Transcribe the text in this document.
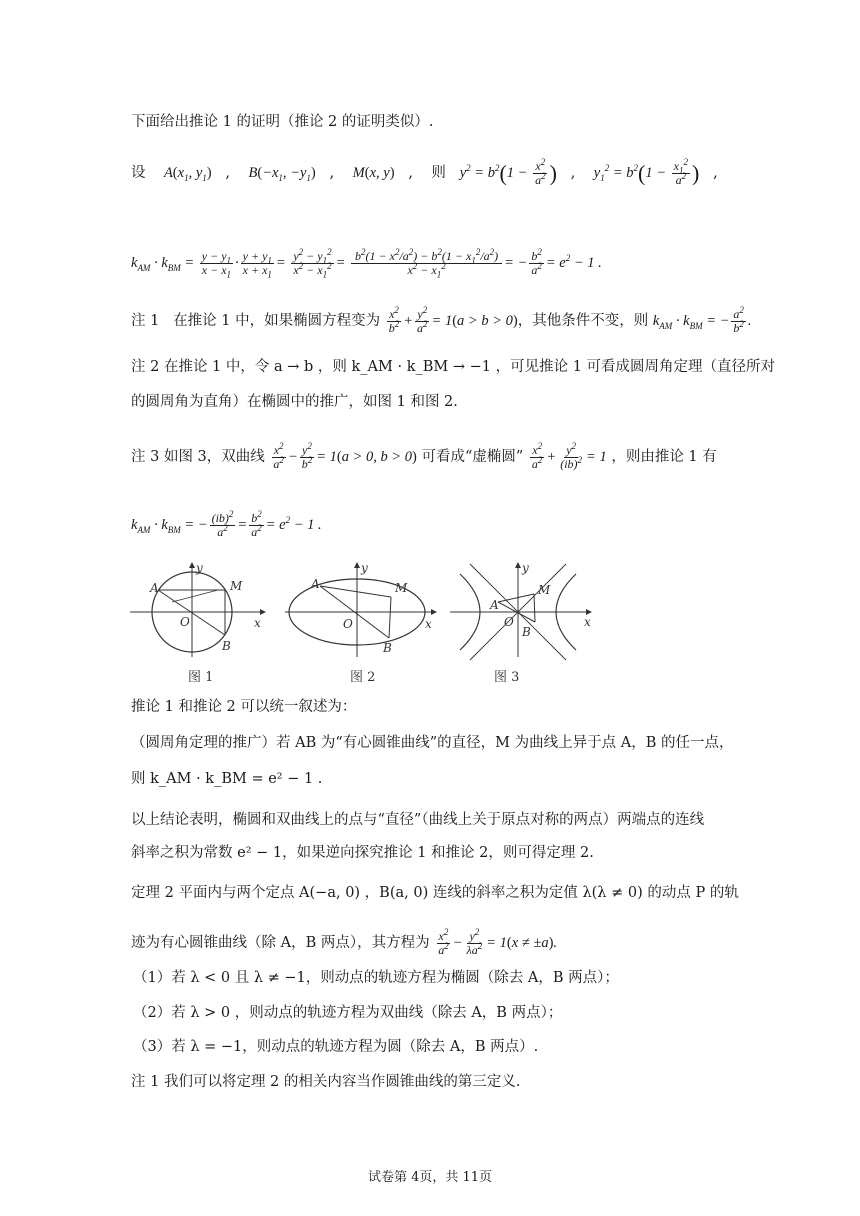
下面给出推论 1 的证明（推论 2 的证明类似）.
设 $A(x_1$, $y_1$)   ,    $B(-x_1$, $-y_1$)   ,    M(x, y)   ,    则 $y^2 = b^2(1 - \frac{x^2}{a^2}$ )   ,    $y_1^2 = b^2(1 - \frac{x_1^2}{a^2}$ )   ,
$k_{AM} \cdot k_{BM} = \frac{y - y_1}{x - x_1} \cdot \frac{y + y_1}{x + x_1} = \frac{y^2 - y_1^2}{x^2 - x_1^2} = \frac{b^2(1 - x^2/a^2) - b^2(1 - x_1^2/a^2)}{x^2 - x_1^2}$ = − $\frac{b^2}{a^2} = e^2 - 1$ .
注 1 在推论 1 中，如果椭圆方程变为 $\frac{x^2}{b^2} + \frac{y^2}{a^2} = 1(a > b > 0)$，其他条件不变，则 $k_{AM} \cdot k_{BM}$ = − $\frac{a^2}{b^2}$ .
注 2 在推论 1 中，令 a → b ，则 k_AM · k_BM → −1 ，可见推论 1 可看成圆周角定理（直径所对
的圆周角为直角）在椭圆中的推广，如图 1 和图 2.
注 3 如图 3，双曲线 $\frac{x^2}{a^2} - \frac{y^2}{b^2} = 1(a > 0$, b > 0) 可看成“虚椭圆” $\frac{x^2}{a^2} + \frac{y^2}{(ib)^2} = 1$ ，则由推论 1 有
$k_{AM} \cdot k_{BM}$ = − $\frac{(ib)^2}{a^2} = \frac{b^2}{a^2} = e^2 - 1$ .
A	M
O
B
x
y
图 1
A	M
O
B
x
y
图 2
A
M
O
B
x
y
图 3
推论 1 和推论 2 可以统一叙述为：
（圆周角定理的推广）若 AB 为“有心圆锥曲线”的直径，M 为曲线上异于点 A，B 的任一点，
则 k_AM · k_BM = e² − 1 .
以上结论表明，椭圆和双曲线上的点与“直径”（曲线上关于原点对称的两点）两端点的连线
斜率之积为常数 e² − 1，如果逆向探究推论 1 和推论 2，则可得定理 2.
定理 2 平面内与两个定点 A(−a, 0) ，B(a, 0) 连线的斜率之积为定值 λ(λ ≠ 0) 的动点 P 的轨
迹为有心圆锥曲线（除 A，B 两点），其方程为 $\frac{x^2}{a^2} - \frac{y^2}{\lambda a^2} = 1(x \ne \pm a)$.
（1）若 λ < 0 且 λ ≠ −1，则动点的轨迹方程为椭圆（除去 A，B 两点）；
（2）若 λ > 0 ，则动点的轨迹方程为双曲线（除去 A，B 两点）；
（3）若 λ = −1，则动点的轨迹方程为圆（除去 A，B 两点）.
注 1 我们可以将定理 2 的相关内容当作圆锥曲线的第三定义.
试卷第 4页，共 11页
